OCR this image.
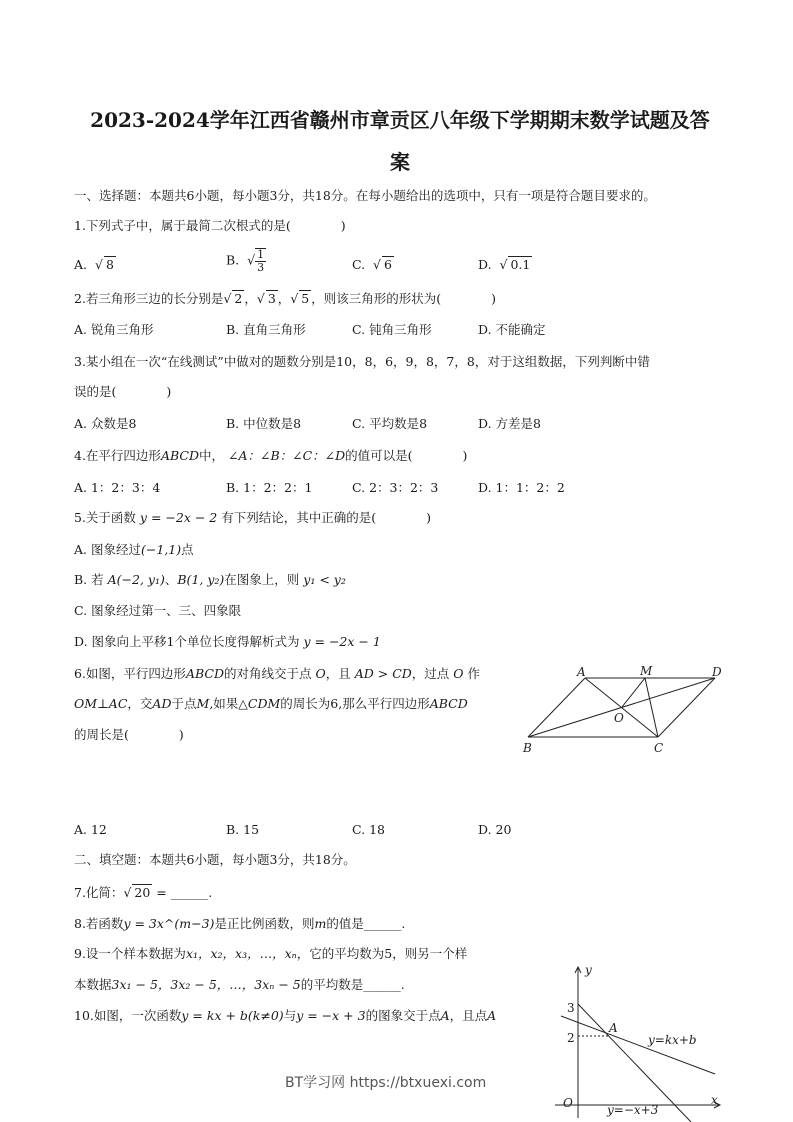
2023-2024学年江西省赣州市章贡区八年级下学期期末数学试题及答
案
一、选择题：本题共6小题，每小题3分，共18分。在每小题给出的选项中，只有一项是符合题目要求的。
1.下列式子中，属于最简二次根式的是(　　　　)
A.  √ 8	B.  √ $\frac{1}{3}$	C.  √ 6	D.  √ 0.1
2.若三角形三边的长分别是√ 2 ，√ 3 ，√ 5 ，则该三角形的形状为(　　　　)
A. 锐角三角形	B. 直角三角形	C. 钝角三角形	D. 不能确定
3.某小组在一次“在线测试”中做对的题数分别是10，8，6，9，8，7，8，对于这组数据，下列判断中错
误的是(　　　　)
A. 众数是8	B. 中位数是8	C. 平均数是8	D. 方差是8
4.在平行四边形ABCD中， ∠A：∠B：∠C：∠D的值可以是(　　　　)
A. 1：2：3：4	B. 1：2：2：1	C. 2：3：2：3	D. 1：1：2：2
5.关于函数 y = −2x − 2 有下列结论，其中正确的是(　　　　)
A. 图象经过(−1,1)点
B. 若 A(−2, y₁)、B(1, y₂)在图象上，则 y₁ < y₂
C. 图象经过第一、三、四象限
D. 图象向上平移1个单位长度得解析式为 y = −2x − 1
6.如图，平行四边形ABCD的对角线交于点 O，且 AD > CD，过点 O 作
OM⊥AC，交AD于点M,如果△CDM的周长为6,那么平行四边形ABCD
的周长是(　　　　)
A	M	D
O
B	C
A. 12	B. 15	C. 18	D. 20
二、填空题：本题共6小题，每小题3分，共18分。
7.化简：√ 20 = ______.
8.若函数y = 3x^(m−3)是正比例函数，则m的值是______.
9.设一个样本数据为x₁，x₂，x₃，…，xₙ，它的平均数为5，则另一个样
本数据3x₁ − 5，3x₂ − 5，…，3xₙ − 5的平均数是______.
10.如图，一次函数y = kx + b(k≠0)与y = −x + 3的图象交于点A，且点A
y
x
O
3
2
A
y=kx+b
y=−x+3
BT学习网 https://btxuexi.com
